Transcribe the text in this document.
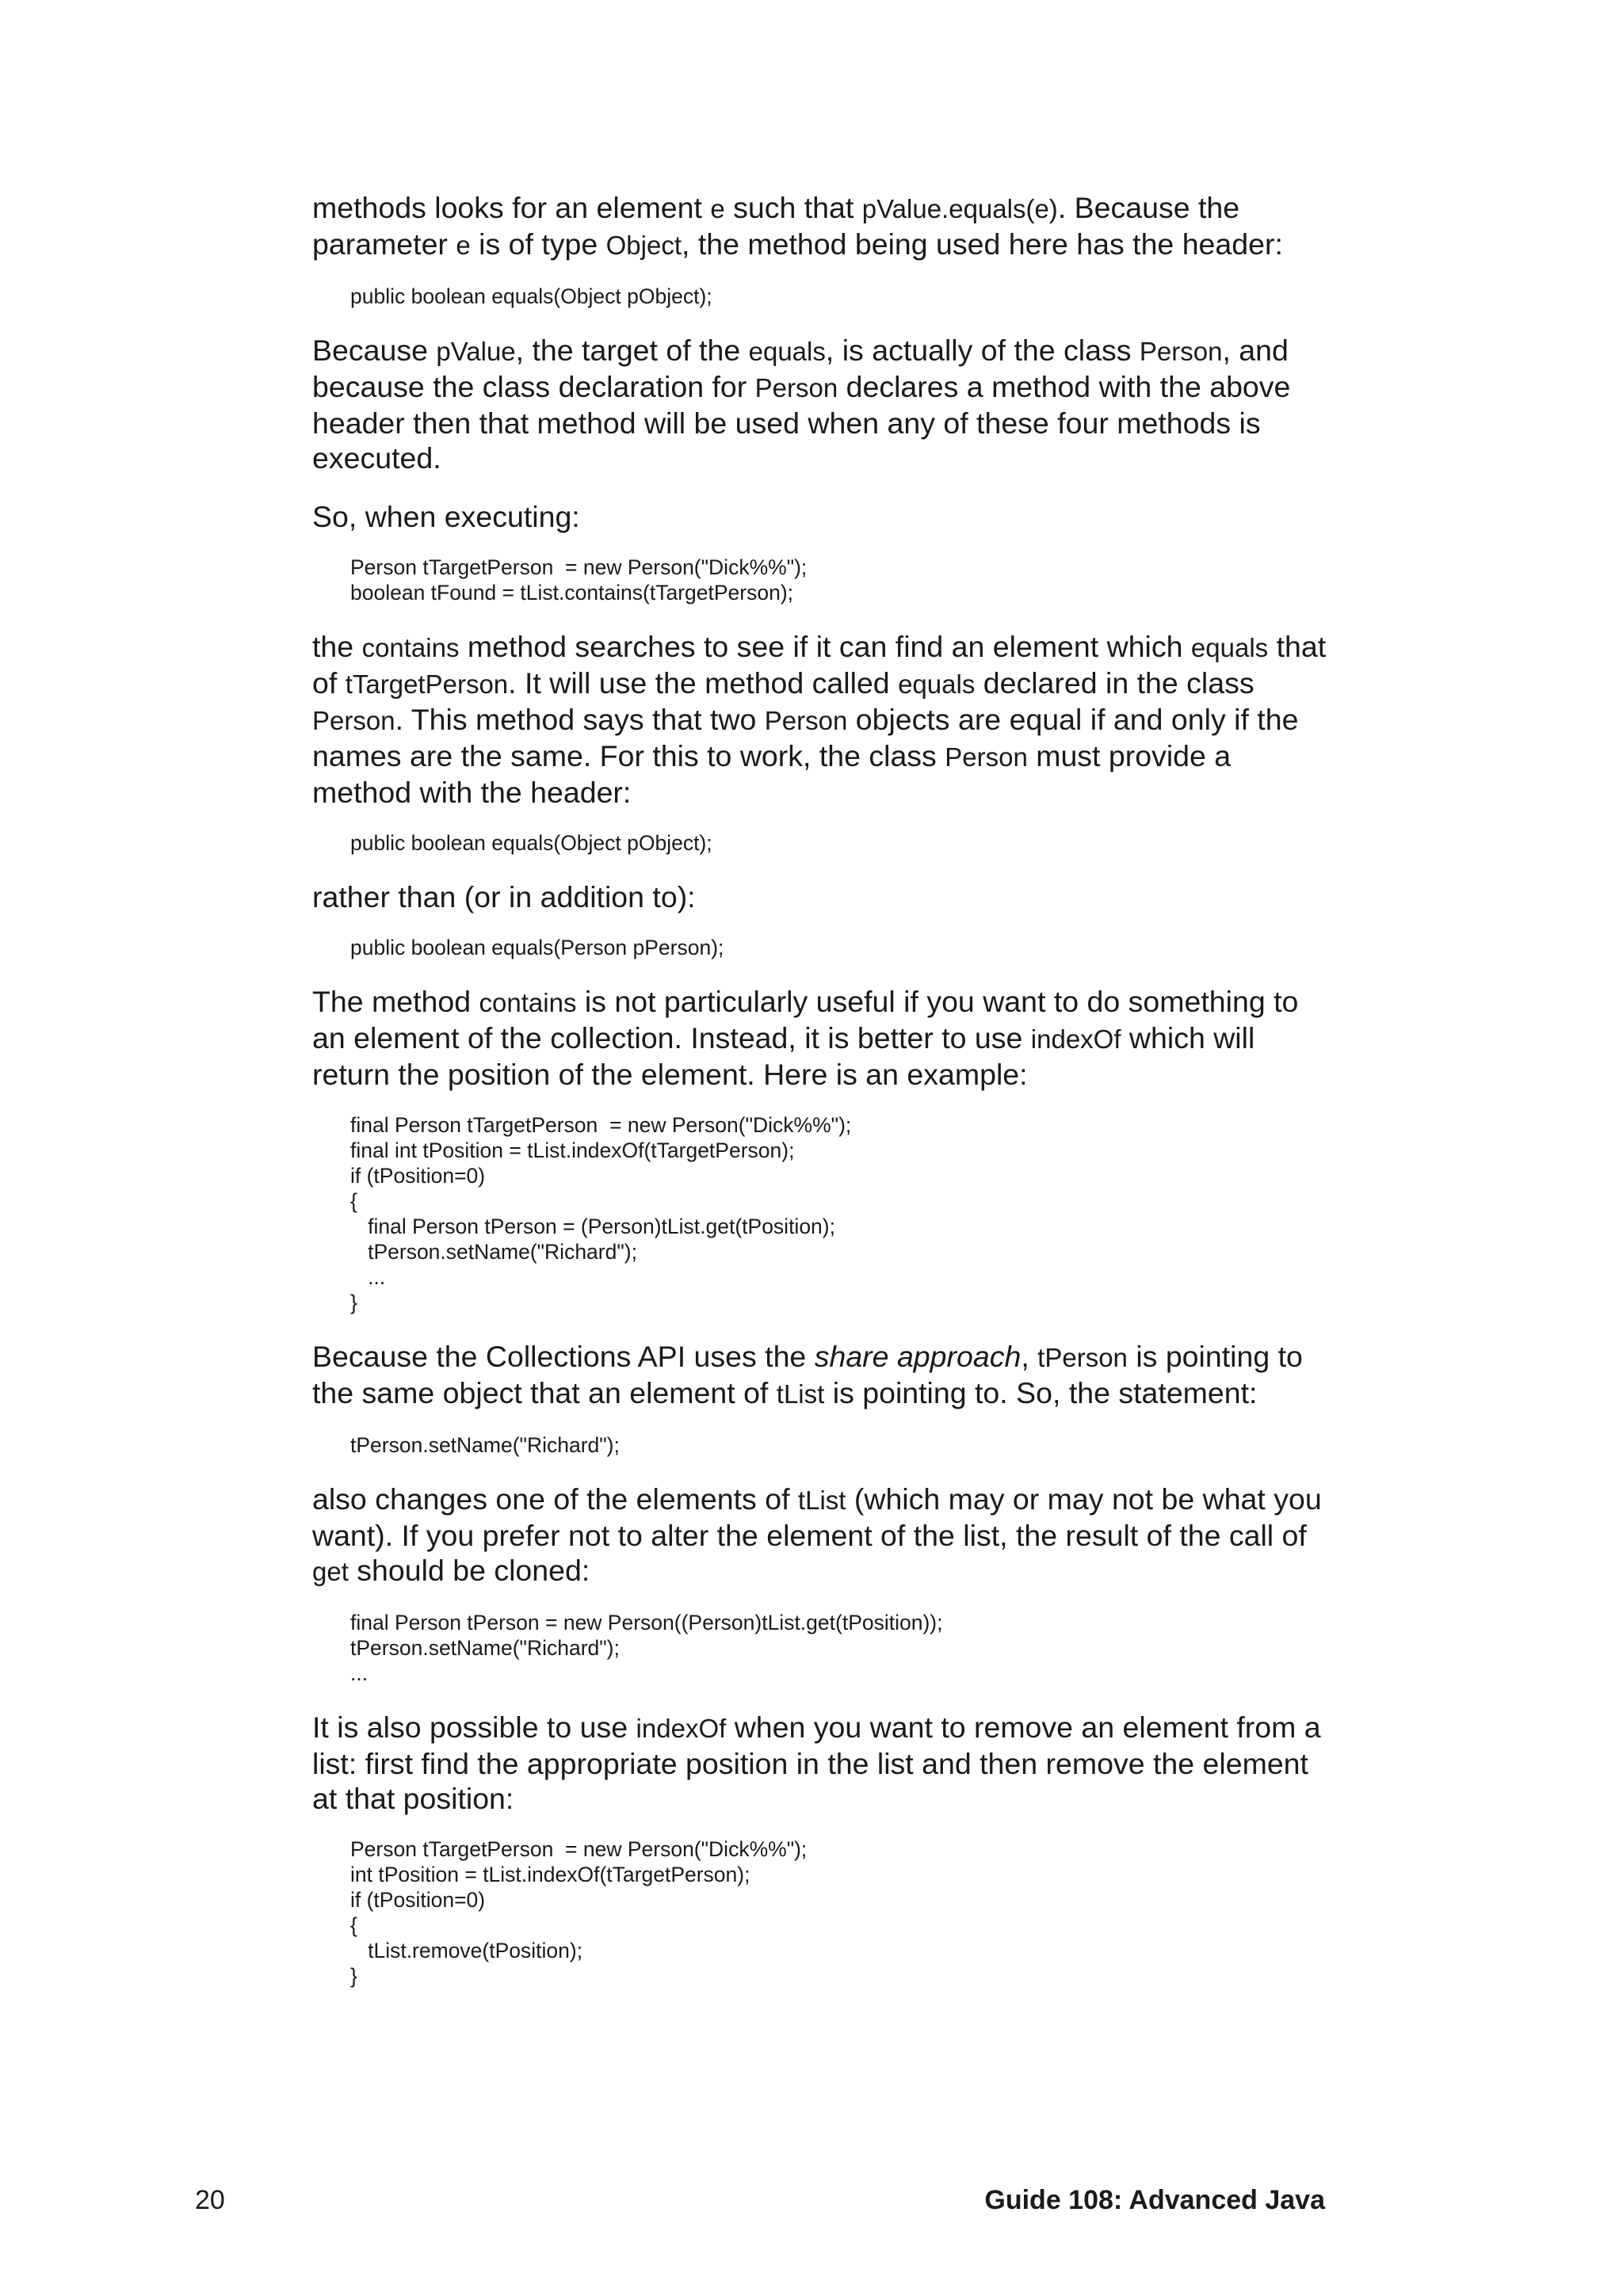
methods looks for an element e such that pValue.equals(e). Because the parameter e is of type Object, the method being used here has the header:

public boolean equals(Object pObject);

Because pValue, the target of the equals, is actually of the class Person, and because the class declaration for Person declares a method with the above header then that method will be used when any of these four methods is executed.

So, when executing:

Person tTargetPerson  = new Person("Dick%%");
boolean tFound = tList.contains(tTargetPerson);

the contains method searches to see if it can find an element which equals that of tTargetPerson. It will use the method called equals declared in the class Person. This method says that two Person objects are equal if and only if the names are the same. For this to work, the class Person must provide a method with the header:

public boolean equals(Object pObject);

rather than (or in addition to):

public boolean equals(Person pPerson);

The method contains is not particularly useful if you want to do something to an element of the collection. Instead, it is better to use indexOf which will return the position of the element. Here is an example:

final Person tTargetPerson  = new Person("Dick%%");
final int tPosition = tList.indexOf(tTargetPerson);
if (tPosition=0)
{
final Person tPerson = (Person)tList.get(tPosition);
tPerson.setName("Richard");
...
}

Because the Collections API uses the share approach, tPerson is pointing to the same object that an element of tList is pointing to. So, the statement:

tPerson.setName("Richard");

also changes one of the elements of tList (which may or may not be what you want). If you prefer not to alter the element of the list, the result of the call of get should be cloned:

final Person tPerson = new Person((Person)tList.get(tPosition));
tPerson.setName("Richard");
...

It is also possible to use indexOf when you want to remove an element from a list: first find the appropriate position in the list and then remove the element at that position:

Person tTargetPerson  = new Person("Dick%%");
int tPosition = tList.indexOf(tTargetPerson);
if (tPosition=0)
{
tList.remove(tPosition);
}
20	Guide 108: Advanced Java
